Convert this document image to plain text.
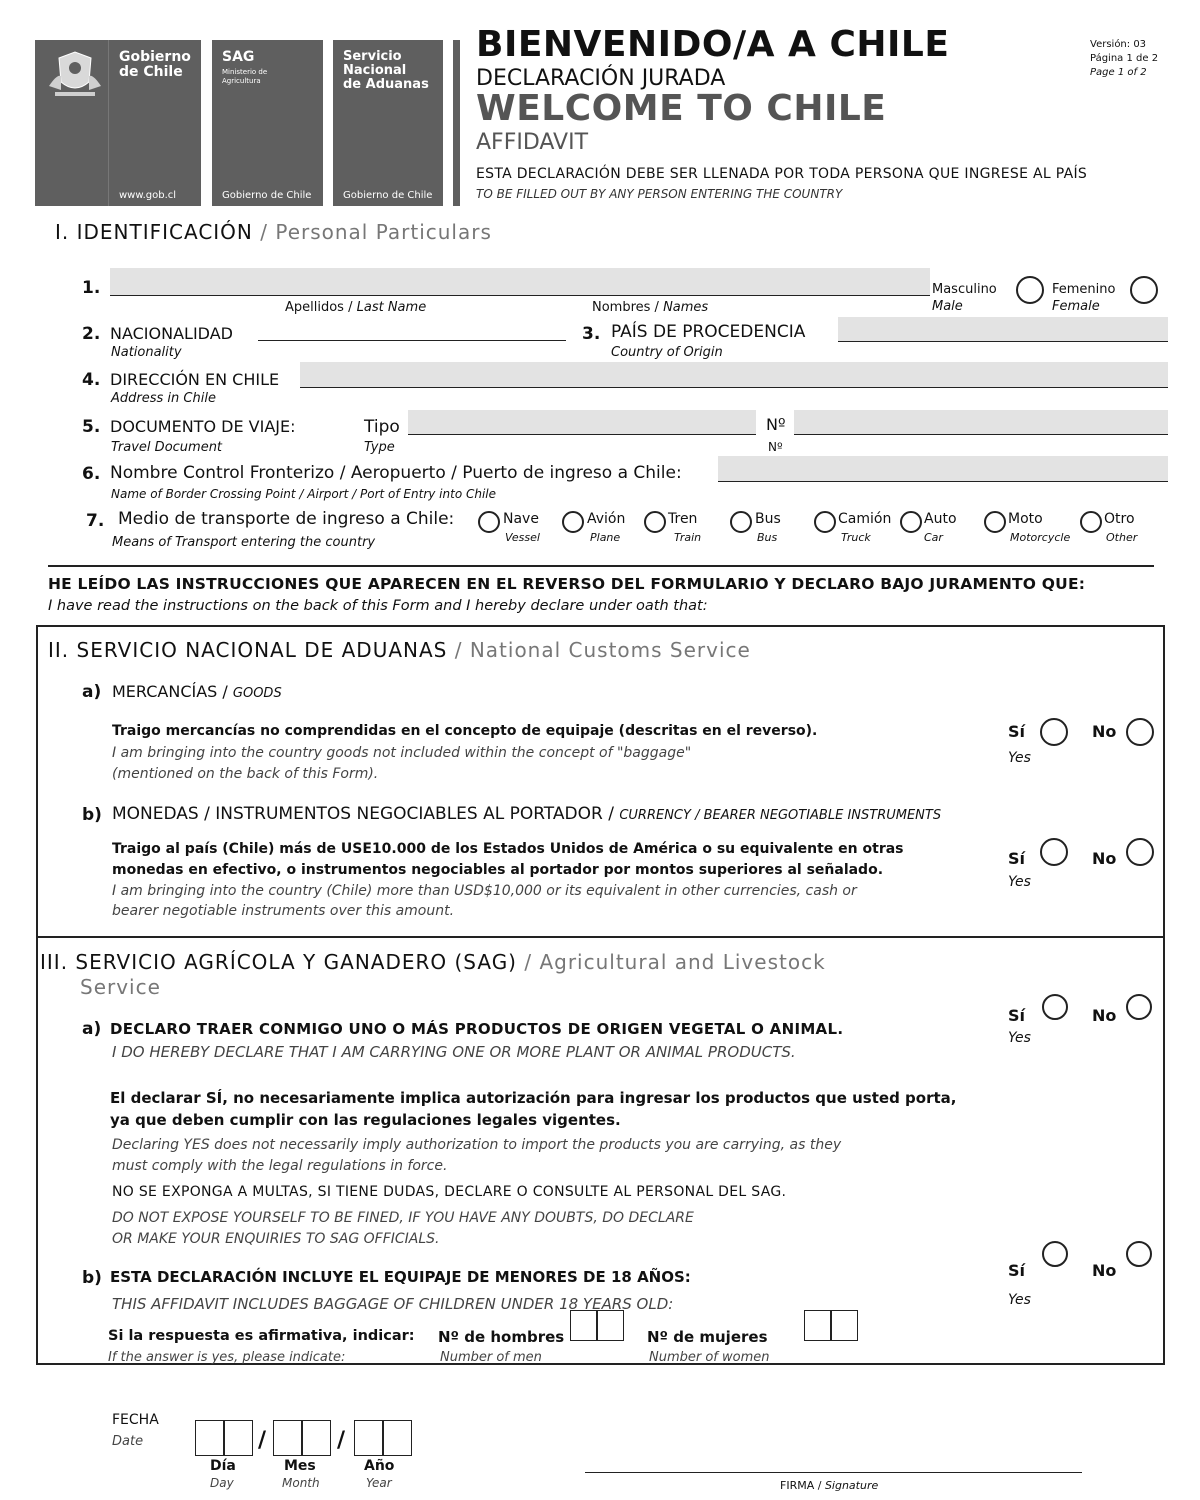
Gobierno
de Chile
www.gob.cl
SAG
Ministerio de Agricultura
Gobierno de Chile
Servicio
Nacional
de Aduanas
Gobierno de Chile
BIENVENIDO/A A CHILE
DECLARACIÓN JURADA
WELCOME TO CHILE
AFFIDAVIT
ESTA DECLARACIÓN DEBE SER LLENADA POR TODA PERSONA QUE INGRESE AL PAÍS
TO BE FILLED OUT BY ANY PERSON ENTERING THE COUNTRY
Versión: 03
Página 1 de 2
Page 1 of 2
I. IDENTIFICACIÓN / Personal Particulars
1.
Apellidos / Last Name	Nombres / Names
Masculino
Male
Femenino
Female
2. NACIONALIDAD
Nationality
3. PAÍS DE PROCEDENCIA
Country of Origin
4. DIRECCIÓN EN CHILE
Address in Chile
5. DOCUMENTO DE VIAJE:
Travel Document
Tipo
Type
Nº
Nº
6. Nombre Control Fronterizo / Aeropuerto / Puerto de ingreso a Chile:
Name of Border Crossing Point / Airport / Port of Entry into Chile
7. Medio de transporte de ingreso a Chile:
Means of Transport entering the country
Nave
Vessel
Avión
Plane
Tren
Train
Bus
Bus
Camión
Truck
Auto
Car
Moto
Motorcycle
Otro
Other
HE LEÍDO LAS INSTRUCCIONES QUE APARECEN EN EL REVERSO DEL FORMULARIO Y DECLARO BAJO JURAMENTO QUE:
I have read the instructions on the back of this Form and I hereby declare under oath that:
II. SERVICIO NACIONAL DE ADUANAS / National Customs Service
a) MERCANCÍAS / GOODS
Traigo mercancías no comprendidas en el concepto de equipaje (descritas en el reverso).
I am bringing into the country goods not included within the concept of "baggage"
(mentioned on the back of this Form).
Sí
Yes
No
b) MONEDAS / INSTRUMENTOS NEGOCIABLES AL PORTADOR / CURRENCY / BEARER NEGOTIABLE INSTRUMENTS
Traigo al país (Chile) más de USE10.000 de los Estados Unidos de América o su equivalente en otras
monedas en efectivo, o instrumentos negociables al portador por montos superiores al señalado.
I am bringing into the country (Chile) more than USD$10,000 or its equivalent in other currencies, cash or
bearer negotiable instruments over this amount.
Sí
Yes
No
III. SERVICIO AGRÍCOLA Y GANADERO (SAG) / Agricultural and Livestock
Service
a) DECLARO TRAER CONMIGO UNO O MÁS PRODUCTOS DE ORIGEN VEGETAL O ANIMAL.
I DO HEREBY DECLARE THAT I AM CARRYING ONE OR MORE PLANT OR ANIMAL PRODUCTS.
Sí
Yes
No
El declarar SÍ, no necesariamente implica autorización para ingresar los productos que usted porta,
ya que deben cumplir con las regulaciones legales vigentes.
Declaring YES does not necessarily imply authorization to import the products you are carrying, as they
must comply with the legal regulations in force.
NO SE EXPONGA A MULTAS, SI TIENE DUDAS, DECLARE O CONSULTE AL PERSONAL DEL SAG.
DO NOT EXPOSE YOURSELF TO BE FINED, IF YOU HAVE ANY DOUBTS, DO DECLARE
OR MAKE YOUR ENQUIRIES TO SAG OFFICIALS.
b) ESTA DECLARACIÓN INCLUYE EL EQUIPAJE DE MENORES DE 18 AÑOS:
THIS AFFIDAVIT INCLUDES BAGGAGE OF CHILDREN UNDER 18 YEARS OLD:
Sí
Yes
No
Si la respuesta es afirmativa, indicar:
If the answer is yes, please indicate:
Nº de hombres
Number of men
Nº de mujeres
Number of women
FECHA
Date	/	/
Día
Day
Mes
Month
Año
Year	FIRMA / Signature
